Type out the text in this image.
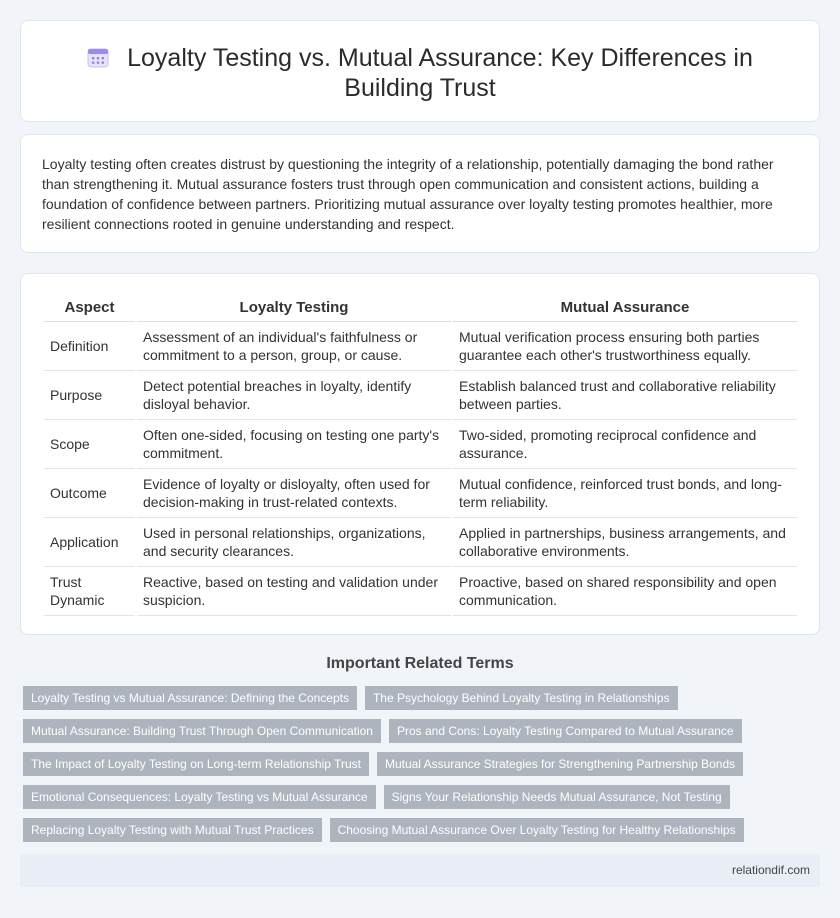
Loyalty Testing vs. Mutual Assurance: Key Differences in Building Trust

Loyalty testing often creates distrust by questioning the integrity of a relationship, potentially damaging the bond rather than strengthening it. Mutual assurance fosters trust through open communication and consistent actions, building a foundation of confidence between partners. Prioritizing mutual assurance over loyalty testing promotes healthier, more resilient connections rooted in genuine understanding and respect.

Aspect	Loyalty Testing	Mutual Assurance
Definition	Assessment of an individual's faithfulness or commitment to a person, group, or cause.	Mutual verification process ensuring both parties guarantee each other's trustworthiness equally.
Purpose	Detect potential breaches in loyalty, identify disloyal behavior.	Establish balanced trust and collaborative reliability between parties.
Scope	Often one-sided, focusing on testing one party's commitment.	Two-sided, promoting reciprocal confidence and assurance.
Outcome	Evidence of loyalty or disloyalty, often used for decision-making in trust-related contexts.	Mutual confidence, reinforced trust bonds, and long-term reliability.
Application	Used in personal relationships, organizations, and security clearances.	Applied in partnerships, business arrangements, and collaborative environments.
Trust Dynamic	Reactive, based on testing and validation under suspicion.	Proactive, based on shared responsibility and open communication.
Important Related Terms
Loyalty Testing vs Mutual Assurance: Defining the Concepts	The Psychology Behind Loyalty Testing in Relationships
Mutual Assurance: Building Trust Through Open Communication	Pros and Cons: Loyalty Testing Compared to Mutual Assurance
The Impact of Loyalty Testing on Long-term Relationship Trust	Mutual Assurance Strategies for Strengthening Partnership Bonds
Emotional Consequences: Loyalty Testing vs Mutual Assurance	Signs Your Relationship Needs Mutual Assurance, Not Testing
Replacing Loyalty Testing with Mutual Trust Practices	Choosing Mutual Assurance Over Loyalty Testing for Healthy Relationships
relationdif.com
